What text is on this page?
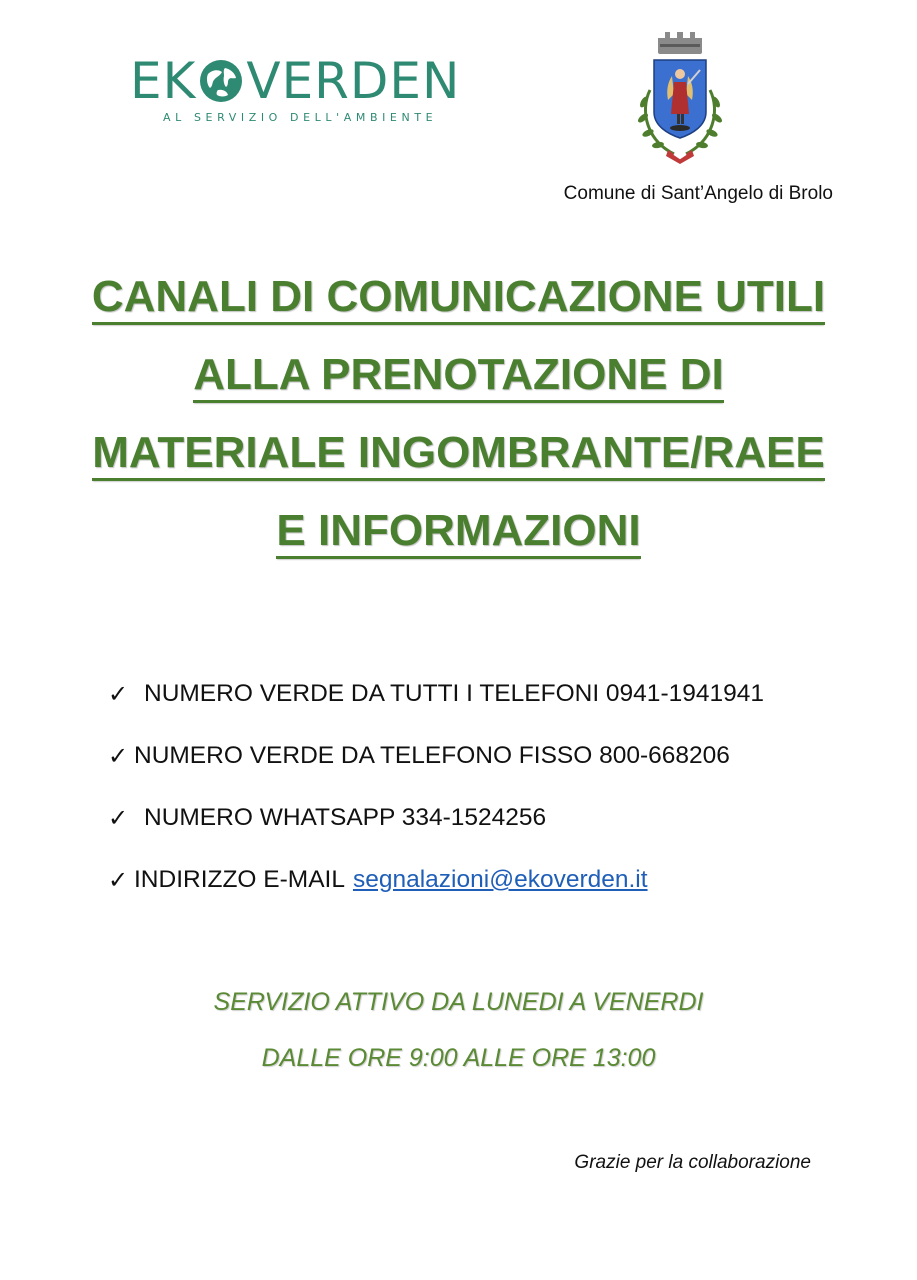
EK VERDEN
AL SERVIZIO DELL'AMBIENTE
Comune di Sant’Angelo di Brolo
CANALI DI COMUNICAZIONE UTILI
ALLA PRENOTAZIONE DI
MATERIALE INGOMBRANTE/RAEE
E INFORMAZIONI
✓ NUMERO VERDE DA TUTTI I TELEFONI 0941-1941941
✓ NUMERO VERDE DA TELEFONO FISSO 800-668206
✓ NUMERO WHATSAPP 334-1524256
✓ INDIRIZZO E-MAIL segnalazioni@ekoverden.it
SERVIZIO ATTIVO DA LUNEDI A VENERDI
DALLE ORE 9:00 ALLE ORE 13:00
Grazie per la collaborazione
